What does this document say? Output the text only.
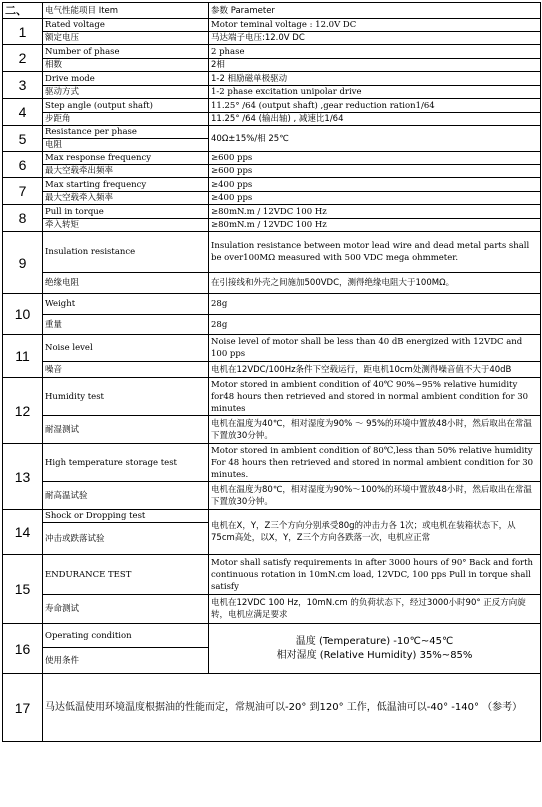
二、	电气性能项目 Item	参数 Parameter
1	Rated voltage	Motor teminal voltage : 12.0V DC
	额定电压	马达端子电压:12.0V DC
2	Number of phase	2 phase
	相数	2相
3	Drive mode	1-2 相励磁单极驱动
	驱动方式	1-2 phase excitation unipolar drive
4	Step angle (output shaft)	11.25° /64 (output shaft) ,gear reduction ration1/64
	步距角	11.25° /64 (输出轴) , 减速比1/64
5	Resistance per phase	40Ω±15%/相 25℃
	电阻	
6	Max response frequency	≥600 pps
	最大空载牵出频率	≥600 pps
7	Max starting frequency	≥400 pps
	最大空载牵入频率	≥400 pps
8	Pull in torque	≥80mN.m / 12VDC 100 Hz
	牵入转矩	≥80mN.m / 12VDC 100 Hz
9	Insulation resistance	Insulation resistance between motor lead wire and dead metal parts shall be over100MΩ measured with 500 VDC mega ohmmeter.
	绝缘电阻	在引接线和外壳之间施加500VDC，测得绝缘电阻大于100MΩ。
10	Weight	28g
	重量	28g
11	Noise level	Noise level of motor shall be less than 40 dB energized with 12VDC and 100 pps
	噪音	电机在12VDC/100Hz条件下空载运行，距电机10cm处测得噪音值不大于40dB
12	Humidity test	Motor stored in ambient condition of 40℃ 90%~95% relative humidity for48 hours then retrieved and stored in normal ambient condition for 30 minutes
	耐湿测试	电机在温度为40℃，相对湿度为90% ～ 95%的环境中置放48小时，然后取出在常温下置放30分钟。
13	High temperature storage test	Motor stored in ambient condition of 80℃,less than 50% relative humidity For 48 hours then retrieved and stored in normal ambient condition for 30 minutes.
	耐高温试验	电机在温度为80℃，相对湿度为90%～100%的环境中置放48小时，然后取出在常温下置放30分钟。
14	Shock or Dropping test	电机在X，Y，Z三个方向分别承受80g的冲击力各 1次；或电机在装箱状态下，从75cm高处，以X，Y，Z三个方向各跌落一次，电机应正常
	冲击或跌落试验	
15	ENDURANCE TEST	Motor shall satisfy requirements in after 3000 hours of 90° Back and forth continuous rotation in 10mN.cm load, 12VDC, 100 pps Pull in torque shall satisfy
	寿命测试	电机在12VDC 100 Hz，10mN.cm 的负荷状态下，经过3000小时90° 正反方向旋转，电机应满足要求
16	Operating condition	温度 (Temperature) -10℃~45℃
相对湿度 (Relative Humidity) 35%~85%

	使用条件	
17	马达低温使用环境温度根据油的性能而定，常规油可以-20° 到120° 工作，低温油可以-40° -140° （参考）	
